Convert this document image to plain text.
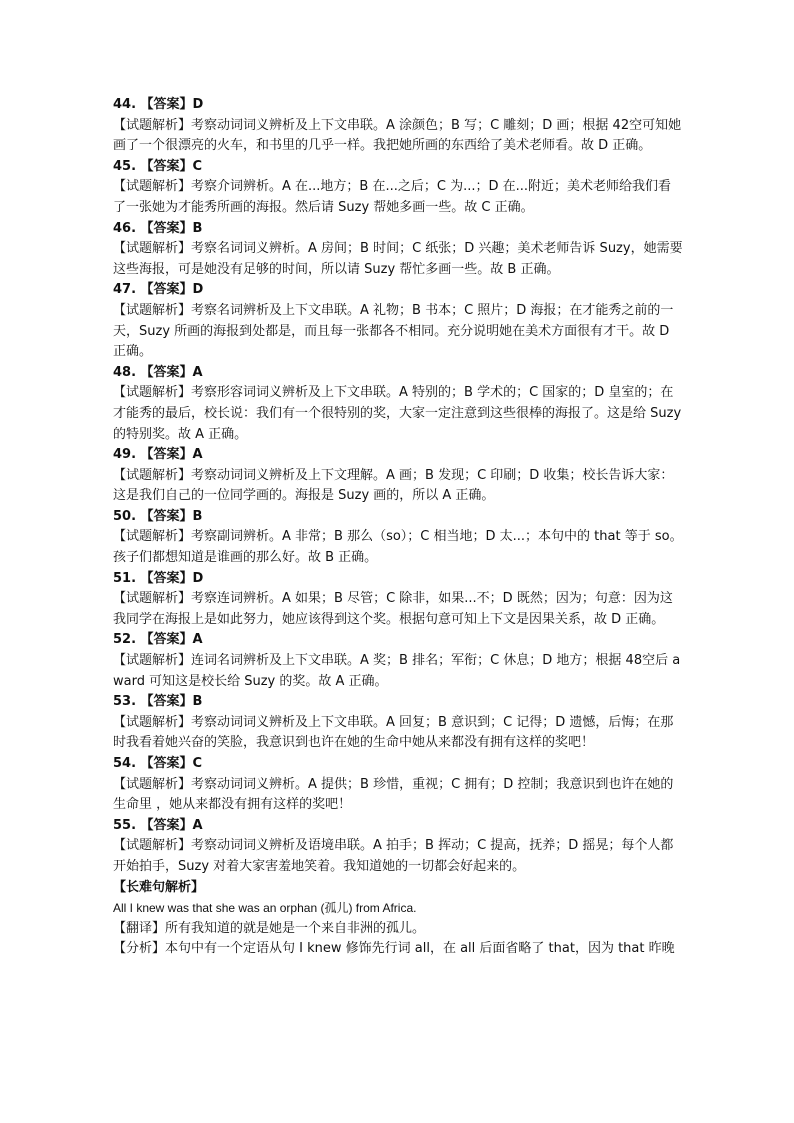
44. 【答案】D

【试题解析】考察动词词义辨析及上下文串联。A 涂颜色；B 写；C 雕刻；D 画；根据 42空可知她画了一个很漂亮的火车，和书里的几乎一样。我把她所画的东西给了美术老师看。故 D 正确。

45. 【答案】C

【试题解析】考察介词辨析。A 在...地方；B 在...之后；C 为...；D 在...附近；美术老师给我们看了一张她为才能秀所画的海报。然后请 Suzy 帮她多画一些。故 C 正确。

46. 【答案】B

【试题解析】考察名词词义辨析。A 房间；B 时间；C 纸张；D 兴趣；美术老师告诉 Suzy，她需要这些海报，可是她没有足够的时间，所以请 Suzy 帮忙多画一些。故 B 正确。

47. 【答案】D

【试题解析】考察名词辨析及上下文串联。A 礼物；B 书本；C 照片；D 海报；在才能秀之前的一天，Suzy 所画的海报到处都是，而且每一张都各不相同。充分说明她在美术方面很有才干。故 D 正确。

48. 【答案】A

【试题解析】考察形容词词义辨析及上下文串联。A 特别的；B 学术的；C 国家的；D 皇室的；在才能秀的最后，校长说：我们有一个很特别的奖，大家一定注意到这些很棒的海报了。这是给 Suzy 的特别奖。故 A 正确。

49. 【答案】A

【试题解析】考察动词词义辨析及上下文理解。A 画；B 发现；C 印刷；D 收集；校长告诉大家：这是我们自己的一位同学画的。海报是 Suzy 画的，所以 A 正确。

50. 【答案】B

【试题解析】考察副词辨析。A 非常；B 那么（so）；C 相当地；D 太...；本句中的 that 等于 so。孩子们都想知道是谁画的那么好。故 B 正确。

51. 【答案】D

【试题解析】考察连词辨析。A 如果；B 尽管；C 除非，如果...不；D 既然；因为；句意：因为这我同学在海报上是如此努力，她应该得到这个奖。根据句意可知上下文是因果关系，故 D 正确。

52. 【答案】A

【试题解析】连词名词辨析及上下文串联。A 奖；B 排名；军衔；C 休息；D 地方；根据 48空后 award 可知这是校长给 Suzy 的奖。故 A 正确。

53. 【答案】B

【试题解析】考察动词词义辨析及上下文串联。A 回复；B 意识到；C 记得；D 遗憾，后悔；在那时我看着她兴奋的笑脸，我意识到也许在她的生命中她从来都没有拥有这样的奖吧！

54. 【答案】C

【试题解析】考察动词词义辨析。A 提供；B 珍惜，重视；C 拥有；D 控制；我意识到也许在她的生命里 ，她从来都没有拥有这样的奖吧！

55. 【答案】A

【试题解析】考察动词词义辨析及语境串联。A 拍手；B 挥动；C 提高，抚养；D 摇晃；每个人都开始拍手，Suzy 对着大家害羞地笑着。我知道她的一切都会好起来的。

【长难句解析】

All I knew was that she was an orphan (孤儿) from Africa.

【翻译】所有我知道的就是她是一个来自非洲的孤儿。

【分析】本句中有一个定语从句 I knew 修饰先行词 all，在 all 后面省略了 that，因为 that 昨晚
